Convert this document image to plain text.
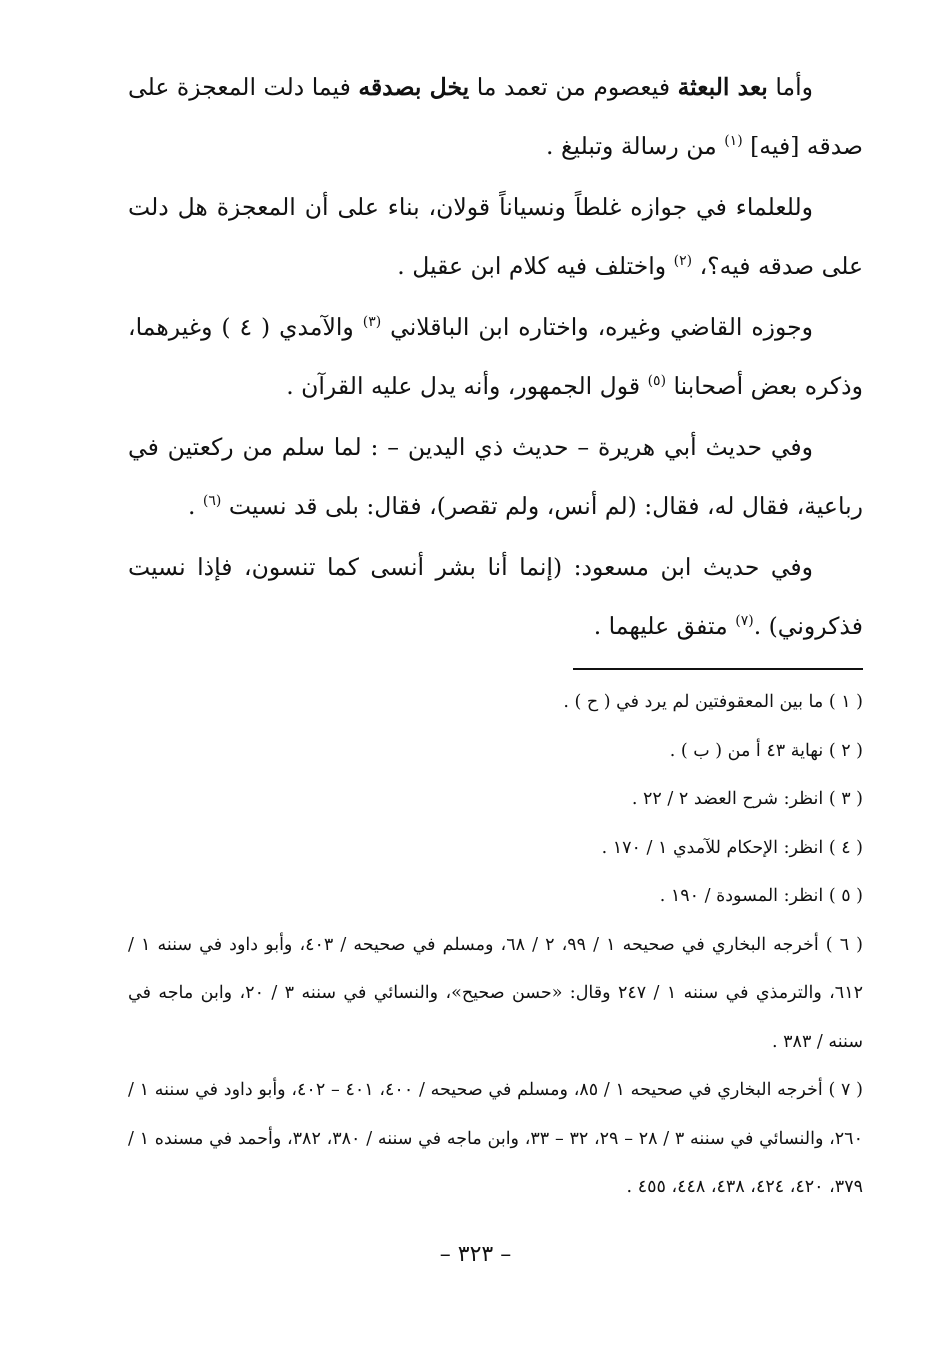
وأما بعد البعثة فيعصوم من تعمد ما يخل بصدقه فيما دلت المعجزة على صدقه [فيه] $^{(١)}$ من رسالة وتبليغ .

وللعلماء في جوازه غلطاً ونسياناً قولان، بناء على أن المعجزة هل دلت على صدقه فيه؟، $^{(٢)}$ واختلف فيه كلام ابن عقيل .

وجوزه القاضي وغيره، واختاره ابن الباقلاني $^{(٣)}$ والآمدي ( ٤ ) وغيرهما، وذكره بعض أصحابنا $^{(٥)}$ قول الجمهور، وأنه يدل عليه القرآن .

وفي حديث أبي هريرة – حديث ذي اليدين – : لما سلم من ركعتين في رباعية، فقال له، فقال: (لم أنس، ولم تقصر)، فقال: بلى قد نسيت $^{(٦)}$ .

وفي حديث ابن مسعود: (إنما أنا بشر أنسى كما تنسون، فإذا نسيت فذكروني) .$^{(٧)}$ متفق عليهما .

( ١ ) ما بين المعقوفتين لم يرد في ( ح ) .

( ٢ ) نهاية ٤٣ أ من ( ب ) .

( ٣ ) انظر: شرح العضد ٢ / ٢٢ .

( ٤ ) انظر: الإحكام للآمدي ١ / ١٧٠ .

( ٥ ) انظر: المسودة / ١٩٠ .

( ٦ ) أخرجه البخاري في صحيحه ١ / ٩٩، ٢ / ٦٨، ومسلم في صحيحه / ٤٠٣، وأبو داود في سننه ١ / ٦١٢، والترمذي في سننه ١ / ٢٤٧ وقال: «حسن صحيح»، والنسائي في سننه ٣ / ٢٠، وابن ماجه في سننه / ٣٨٣ .

( ٧ ) أخرجه البخاري في صحيحه ١ / ٨٥، ومسلم في صحيحه / ٤٠٠، ٤٠١ – ٤٠٢، وأبو داود في سننه ١ / ٢٦٠، والنسائي في سننه ٣ / ٢٨ – ٢٩، ٣٢ – ٣٣، وابن ماجه في سننه / ٣٨٠، ٣٨٢، وأحمد في مسنده ١ / ٣٧٩، ٤٢٠، ٤٢٤، ٤٣٨، ٤٤٨، ٤٥٥ .

– ٣٢٣ –
